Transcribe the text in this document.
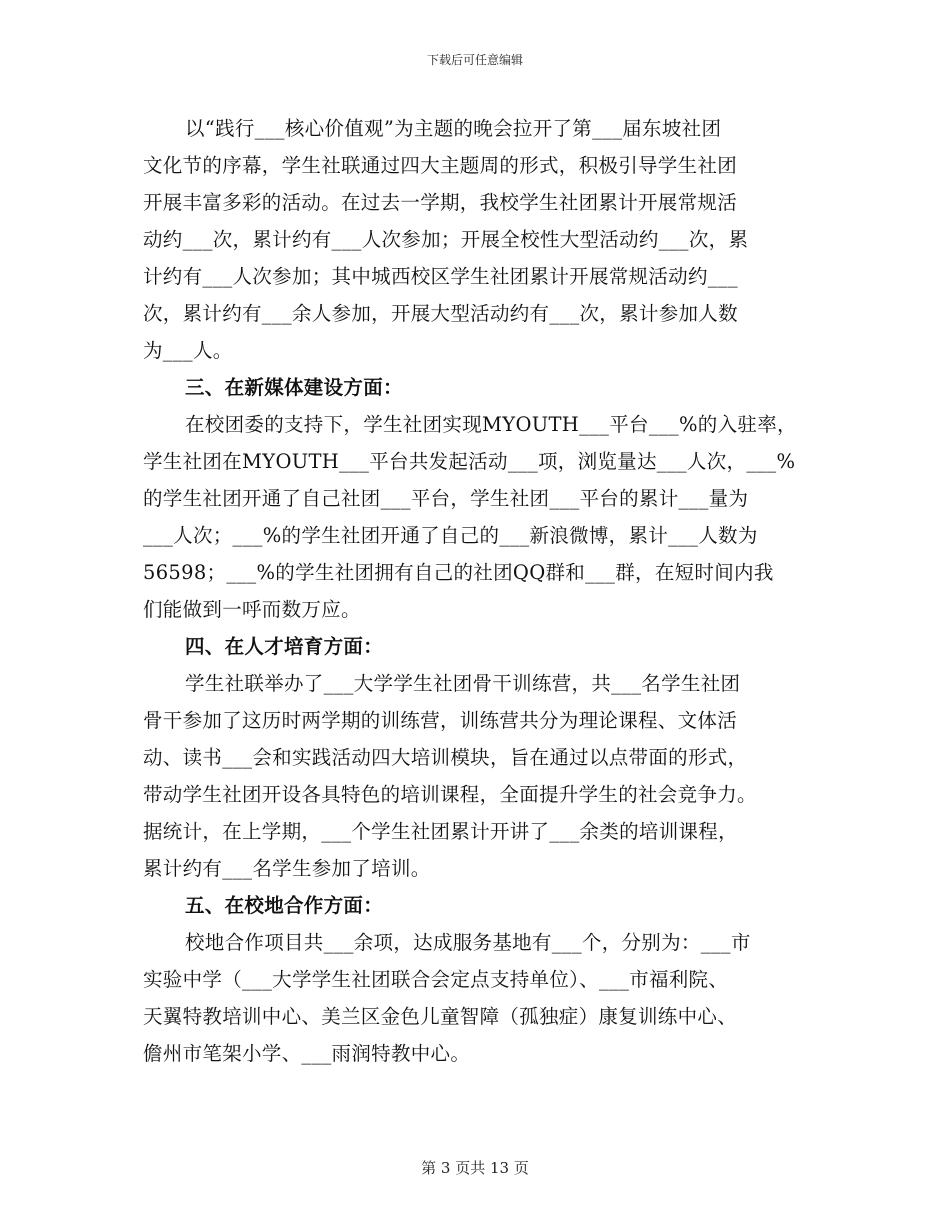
下载后可任意编辑
以“践行___核心价值观”为主题的晚会拉开了第___届东坡社团
文化节的序幕，学生社联通过四大主题周的形式，积极引导学生社团
开展丰富多彩的活动。在过去一学期，我校学生社团累计开展常规活
动约___次，累计约有___人次参加；开展全校性大型活动约___次，累
计约有___人次参加；其中城西校区学生社团累计开展常规活动约___
次，累计约有___余人参加，开展大型活动约有___次，累计参加人数
为___人。
三、在新媒体建设方面：
在校团委的支持下，学生社团实现MYOUTH___平台___%的入驻率，
学生社团在MYOUTH___平台共发起活动___项，浏览量达___人次，___%
的学生社团开通了自己社团___平台，学生社团___平台的累计___量为
___人次；___%的学生社团开通了自己的___新浪微博，累计___人数为
56598；___%的学生社团拥有自己的社团QQ群和___群，在短时间内我
们能做到一呼而数万应。
四、在人才培育方面：
学生社联举办了___大学学生社团骨干训练营，共___名学生社团
骨干参加了这历时两学期的训练营，训练营共分为理论课程、文体活
动、读书___会和实践活动四大培训模块，旨在通过以点带面的形式，
带动学生社团开设各具特色的培训课程，全面提升学生的社会竞争力。
据统计，在上学期，___个学生社团累计开讲了___余类的培训课程，
累计约有___名学生参加了培训。
五、在校地合作方面：
校地合作项目共___余项，达成服务基地有___个，分别为：___市
实验中学（___大学学生社团联合会定点支持单位）、___市福利院、
天翼特教培训中心、美兰区金色儿童智障（孤独症）康复训练中心、
儋州市笔架小学、___雨润特教中心。
第 3 页共 13 页
